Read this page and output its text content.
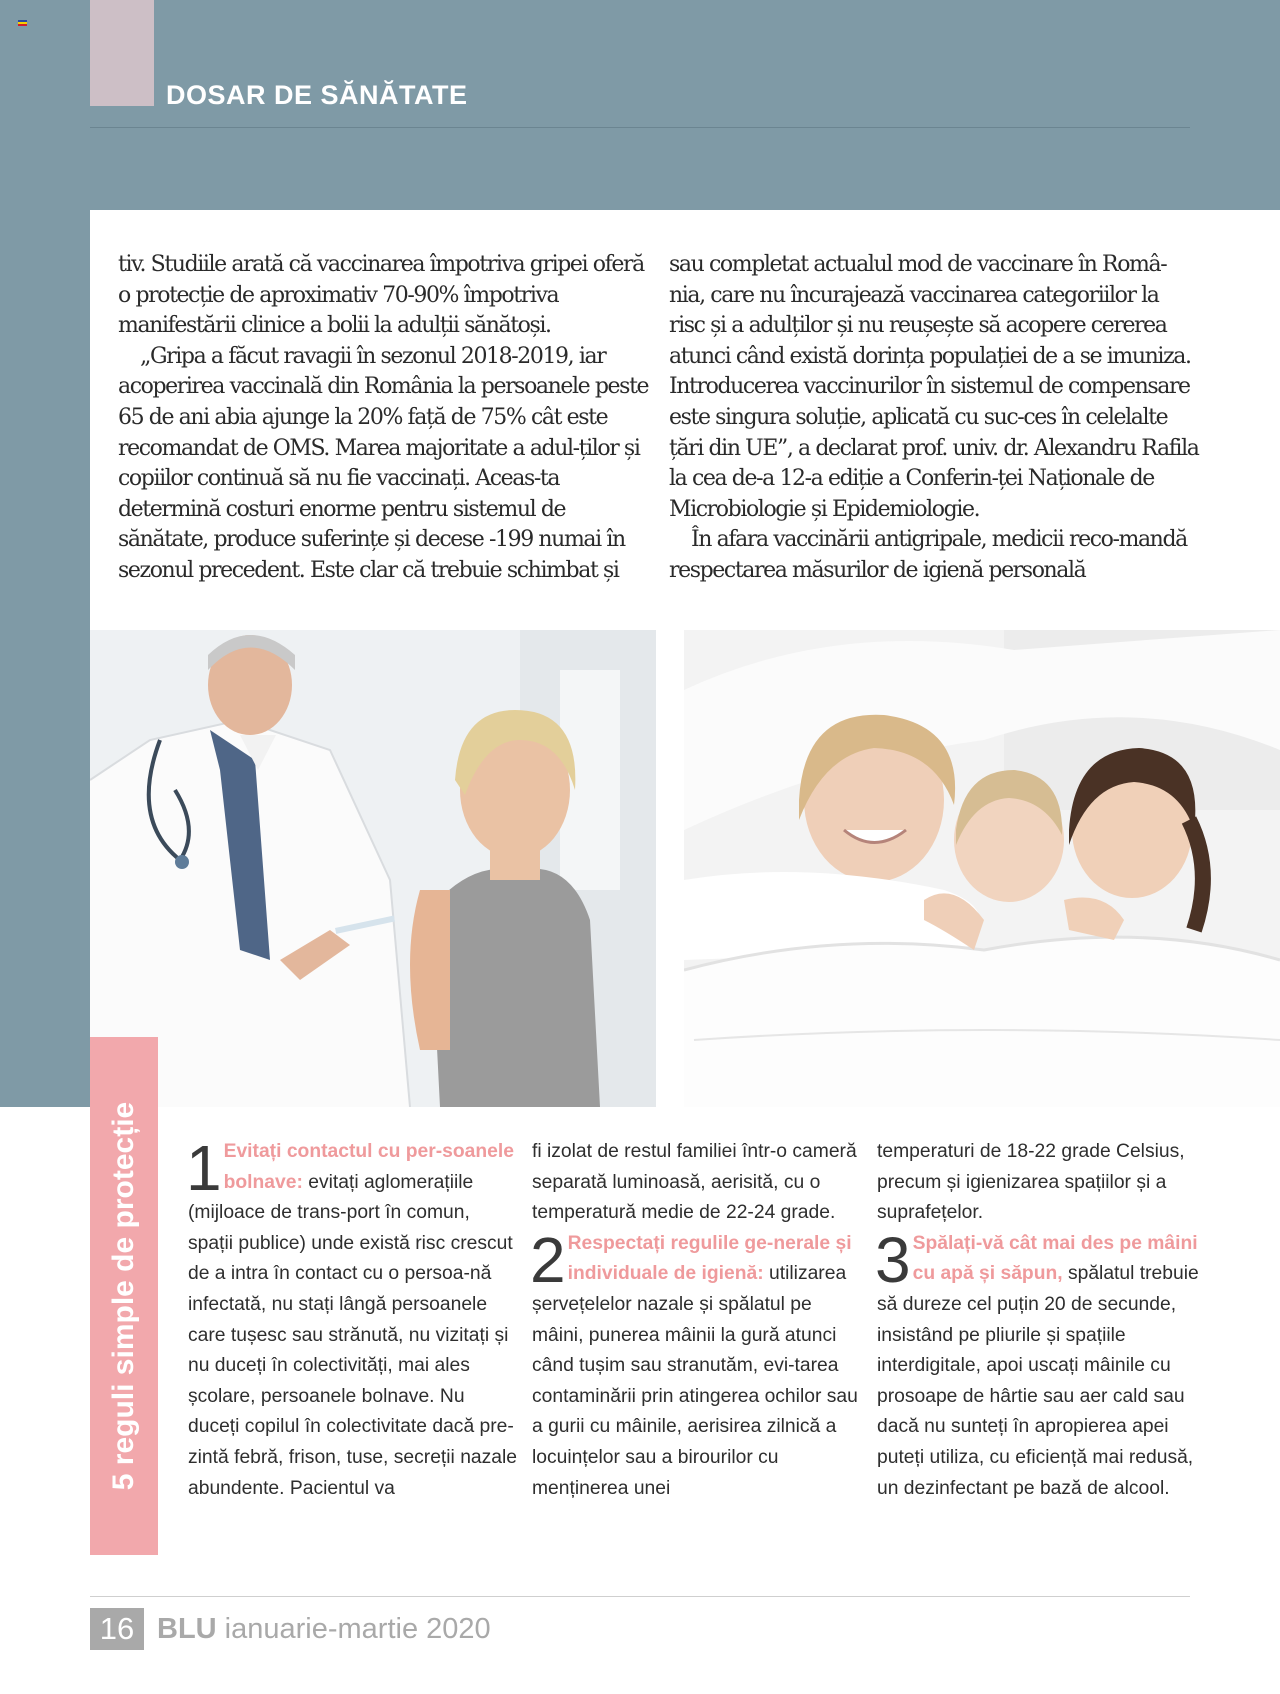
DOSAR DE SĂNĂTATE

tiv. Studiile arată că vaccinarea împotriva gripei oferă o protecție de aproximativ 70-90% împotriva manifestării clinice a bolii la adulții sănătoși.

„Gripa a făcut ravagii în sezonul 2018-2019, iar acoperirea vaccinală din România la persoanele peste 65 de ani abia ajunge la 20% față de 75% cât este recomandat de OMS. Marea majoritate a adul-ților și copiilor continuă să nu fie vaccinați. Aceas-ta determină costuri enorme pentru sistemul de sănătate, produce suferințe și decese -199 numai în sezonul precedent. Este clar că trebuie schimbat și

sau completat actualul mod de vaccinare în Româ-nia, care nu încurajează vaccinarea categoriilor la risc și a adulților și nu reușește să acopere cererea atunci când există dorința populației de a se imuniza. Introducerea vaccinurilor în sistemul de compensare este singura soluție, aplicată cu suc-ces în celelalte țări din UE”, a declarat prof. univ. dr. Alexandru Rafila la cea de-a 12-a ediție a Conferin-ței Naționale de Microbiologie și Epidemiologie.

În afara vaccinării antigripale, medicii reco-mandă respectarea măsurilor de igienă personală

5 reguli simple de protecție 1 Evitați contactul cu per-soanele bolnave: evitați aglomerațiile (mijloace de trans-port în comun, spații publice) unde există risc crescut de a intra în contact cu o persoa-nă infectată, nu stați lângă persoanele care tușesc sau strănută, nu vizitați și nu duceți în colectivități, mai ales școlare, persoanele bolnave. Nu duceți copilul în colectivitate dacă pre-zintă febră, frison, tuse, secreții nazale abundente. Pacientul va

fi izolat de restul familiei într-o cameră separată luminoasă, aerisită, cu o temperatură medie de 22-24 grade.

2 Respectați regulile ge-nerale și individuale de igienă: utilizarea șervețelelor nazale și spălatul pe mâini, punerea mâinii la gură atunci când tușim sau stranutăm, evi-tarea contaminării prin atingerea ochilor sau a gurii cu mâinile, aerisirea zilnică a locuințelor sau a birourilor cu menținerea unei

temperaturi de 18-22 grade Celsius, precum și igienizarea spațiilor și a suprafețelor.

3 Spălați-vă cât mai des pe mâini cu apă și săpun, spălatul trebuie să dureze cel puțin 20 de secunde, insistând pe pliurile și spațiile interdigitale, apoi uscați mâinile cu prosoape de hârtie sau aer cald sau dacă nu sunteți în apropierea apei puteți utiliza, cu eficiență mai redusă, un dezinfectant pe bază de alcool.

16 BLU ianuarie-martie 2020
